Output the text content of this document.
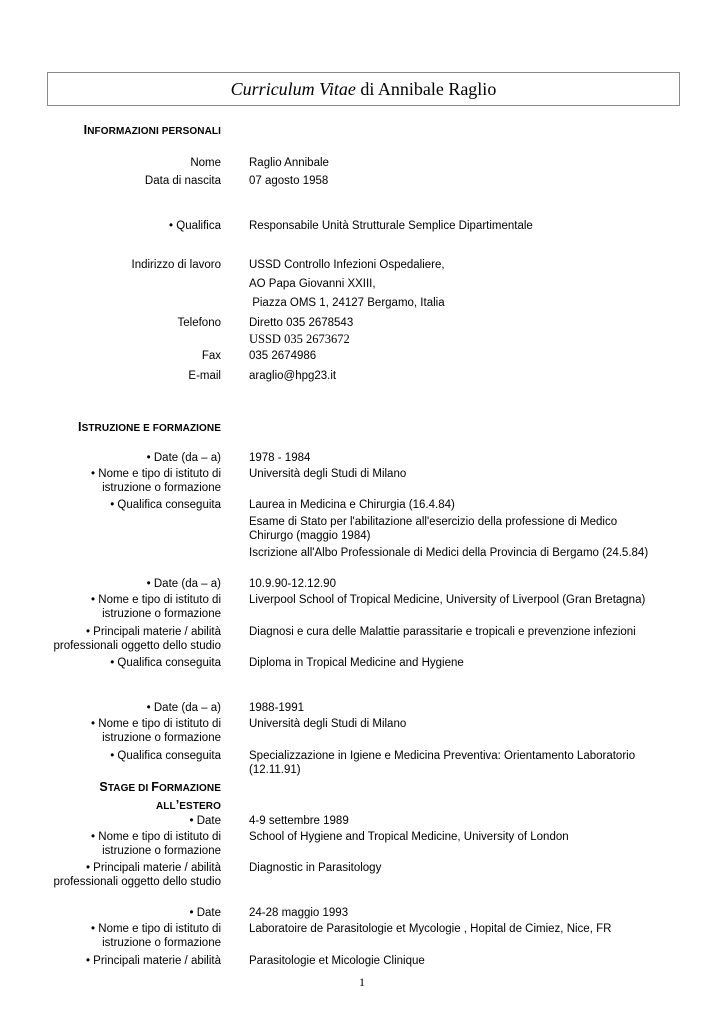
Curriculum Vitae di Annibale Raglio
INFORMAZIONI PERSONALI
Nome Raglio Annibale
Data di nascita 07 agosto 1958
• Qualifica Responsabile Unità Strutturale Semplice Dipartimentale
Indirizzo di lavoro USSD Controllo Infezioni Ospedaliere,
AO Papa Giovanni XXIII,
Piazza OMS 1, 24127 Bergamo, Italia
Telefono Diretto 035 2678543
USSD 035 2673672
Fax 035 2674986
E-mail araglio@hpg23.it
ISTRUZIONE E FORMAZIONE
• Date (da – a) 1978 - 1984
• Nome e tipo di istituto di istruzione o formazione
Università degli Studi di Milano
• Qualifica conseguita Laurea in Medicina e Chirurgia (16.4.84)
Esame di Stato per l'abilitazione all'esercizio della professione di Medico Chirurgo (maggio 1984)
Iscrizione all'Albo Professionale di Medici della Provincia di Bergamo (24.5.84)
• Date (da – a) 10.9.90-12.12.90
• Nome e tipo di istituto di istruzione o formazione
Liverpool School of Tropical Medicine, University of Liverpool (Gran Bretagna)
• Principali materie / abilità professionali oggetto dello studio
Diagnosi e cura delle Malattie parassitarie e tropicali e prevenzione infezioni
• Qualifica conseguita Diploma in Tropical Medicine and Hygiene
• Date (da – a) 1988-1991
• Nome e tipo di istituto di istruzione o formazione
Università degli Studi di Milano
• Qualifica conseguita Specializzazione in Igiene e Medicina Preventiva: Orientamento Laboratorio (12.11.91)
STAGE DI FORMAZIONE
ALL’ESTERO
• Date 4-9 settembre 1989
• Nome e tipo di istituto di istruzione o formazione
School of Hygiene and Tropical Medicine, University of London
• Principali materie / abilità professionali oggetto dello studio
Diagnostic in Parasitology
• Date 24-28 maggio 1993
• Nome e tipo di istituto di istruzione o formazione
Laboratoire de Parasitologie et Mycologie , Hopital de Cimiez, Nice, FR
• Principali materie / abilità Parasitologie et Micologie Clinique
1
